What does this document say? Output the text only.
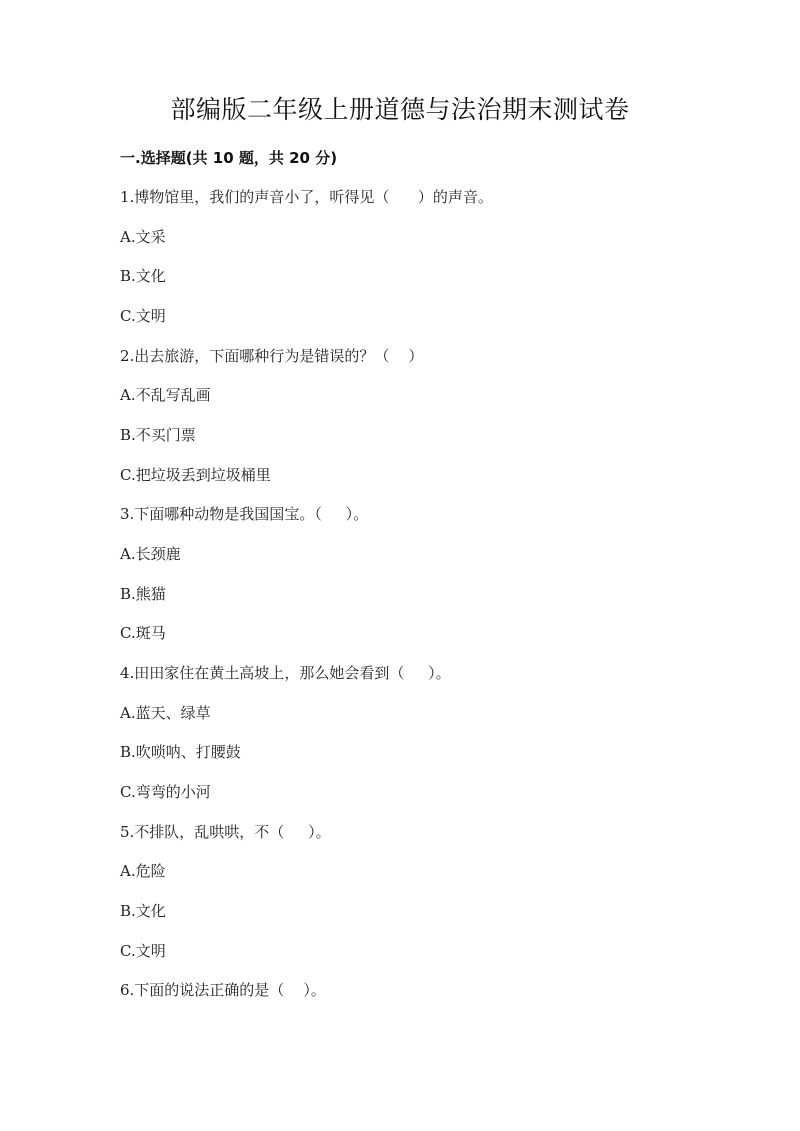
部编版二年级上册道德与法治期末测试卷
一.选择题(共 10 题，共 20 分)
1.博物馆里，我们的声音小了，听得见（      ）的声音。
A.文采
B.文化
C.文明
2.出去旅游，下面哪种行为是错误的？（    ）
A.不乱写乱画
B.不买门票
C.把垃圾丢到垃圾桶里
3.下面哪种动物是我国国宝。（     ）。
A.长颈鹿
B.熊猫
C.斑马
4.田田家住在黄土高坡上，那么她会看到（     ）。
A.蓝天、绿草
B.吹唢呐、打腰鼓
C.弯弯的小河
5.不排队，乱哄哄，不（     ）。
A.危险
B.文化
C.文明
6.下面的说法正确的是（    ）。
